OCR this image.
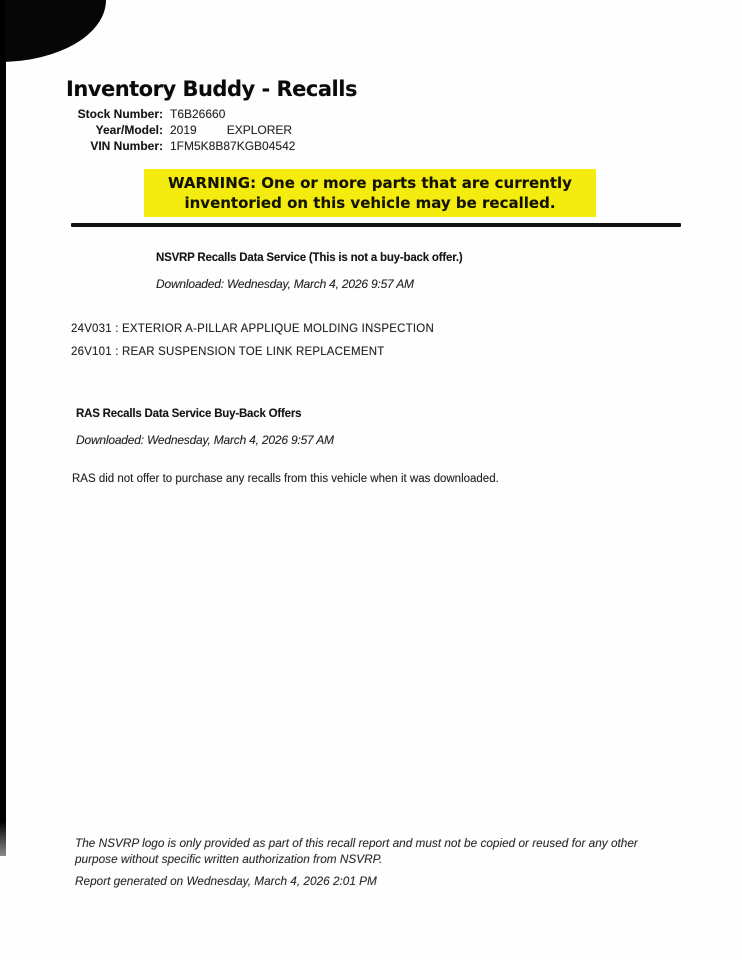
Inventory Buddy - Recalls
Stock Number: T6B26660
Year/Model: 2019	EXPLORER
VIN Number: 1FM5K8B87KGB04542
WARNING: One or more parts that are currently
inventoried on this vehicle may be recalled.
NSVRP Recalls Data Service (This is not a buy-back offer.)
Downloaded: Wednesday, March 4, 2026 9:57 AM
24V031 : EXTERIOR A-PILLAR APPLIQUE MOLDING INSPECTION
26V101 : REAR SUSPENSION TOE LINK REPLACEMENT
RAS Recalls Data Service Buy-Back Offers
Downloaded: Wednesday, March 4, 2026 9:57 AM
RAS did not offer to purchase any recalls from this vehicle when it was downloaded.
The NSVRP logo is only provided as part of this recall report and must not be copied or reused for any other
purpose without specific written authorization from NSVRP.
Report generated on Wednesday, March 4, 2026 2:01 PM
